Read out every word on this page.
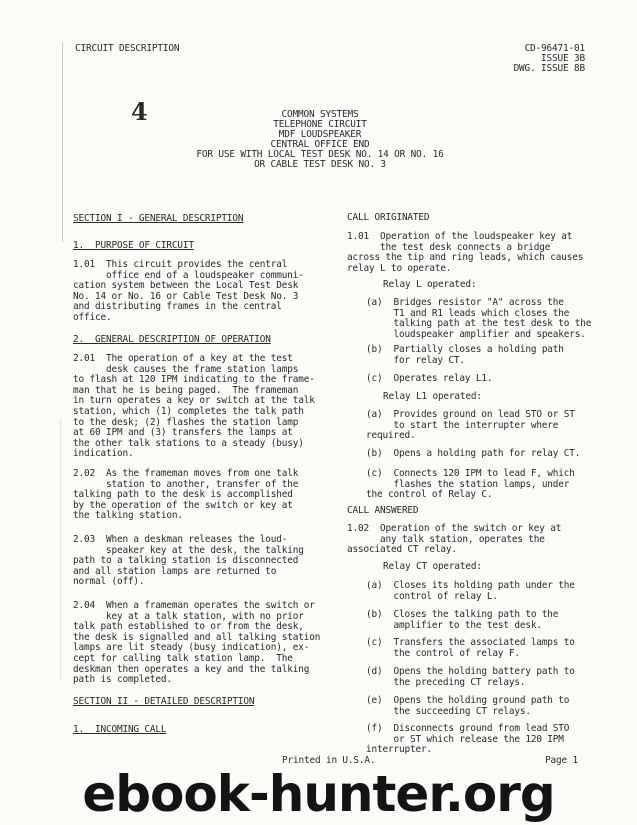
CIRCUIT DESCRIPTION	CD-96471-01
ISSUE 3B
DWG. ISSUE 8B
4	COMMON SYSTEMS
TELEPHONE CIRCUIT
MDF LOUDSPEAKER
CENTRAL OFFICE END
FOR USE WITH LOCAL TEST DESK NO. 14 OR NO. 16
OR CABLE TEST DESK NO. 3
SECTION I - GENERAL DESCRIPTION
1.  PURPOSE OF CIRCUIT
1.01  This circuit provides the central
office end of a loudspeaker communi-
cation system between the Local Test Desk
No. 14 or No. 16 or Cable Test Desk No. 3
and distributing frames in the central
office.
2.  GENERAL DESCRIPTION OF OPERATION
2.01  The operation of a key at the test
desk causes the frame station lamps
to flash at 120 IPM indicating to the frame-
man that he is being paged.  The frameman
in turn operates a key or switch at the talk
station, which (1) completes the talk path
to the desk; (2) flashes the station lamp
at 60 IPM and (3) transfers the lamps at
the other talk stations to a steady (busy)
indication.
2.02  As the frameman moves from one talk
station to another, transfer of the
talking path to the desk is accomplished
by the operation of the switch or key at
the talking station.
2.03  When a deskman releases the loud-
speaker key at the desk, the talking
path to a talking station is disconnected
and all station lamps are returned to
normal (off).
2.04  When a frameman operates the switch or
key at a talk station, with no prior
talk path established to or from the desk,
the desk is signalled and all talking station
lamps are lit steady (busy indication), ex-
cept for calling talk station lamp.  The
deskman then operates a key and the talking
path is completed.
SECTION II - DETAILED DESCRIPTION
1.  INCOMING CALL
CALL ORIGINATED
1.01  Operation of the loudspeaker key at
the test desk connects a bridge
across the tip and ring leads, which causes
relay L to operate.
Relay L operated:
(a)  Bridges resistor "A" across the
T1 and R1 leads which closes the
talking path at the test desk to the
loudspeaker amplifier and speakers.
(b)  Partially closes a holding path
for relay CT.
(c)  Operates relay L1.
Relay L1 operated:
(a)  Provides ground on lead STO or ST
to start the interrupter where
required.
(b)  Opens a holding path for relay CT.
(c)  Connects 120 IPM to lead F, which
flashes the station lamps, under
the control of Relay C.
CALL ANSWERED
1.02  Operation of the switch or key at
any talk station, operates the
associated CT relay.
Relay CT operated:
(a)  Closes its holding path under the
control of relay L.
(b)  Closes the talking path to the
amplifier to the test desk.
(c)  Transfers the associated lamps to
the control of relay F.
(d)  Opens the holding battery path to
the preceding CT relays.
(e)  Opens the holding ground path to
the succeeding CT relays.
(f)  Disconnects ground from lead STO
or ST which release the 120 IPM
interrupter.
Printed in U.S.A.	Page 1
ebook-hunter.org
